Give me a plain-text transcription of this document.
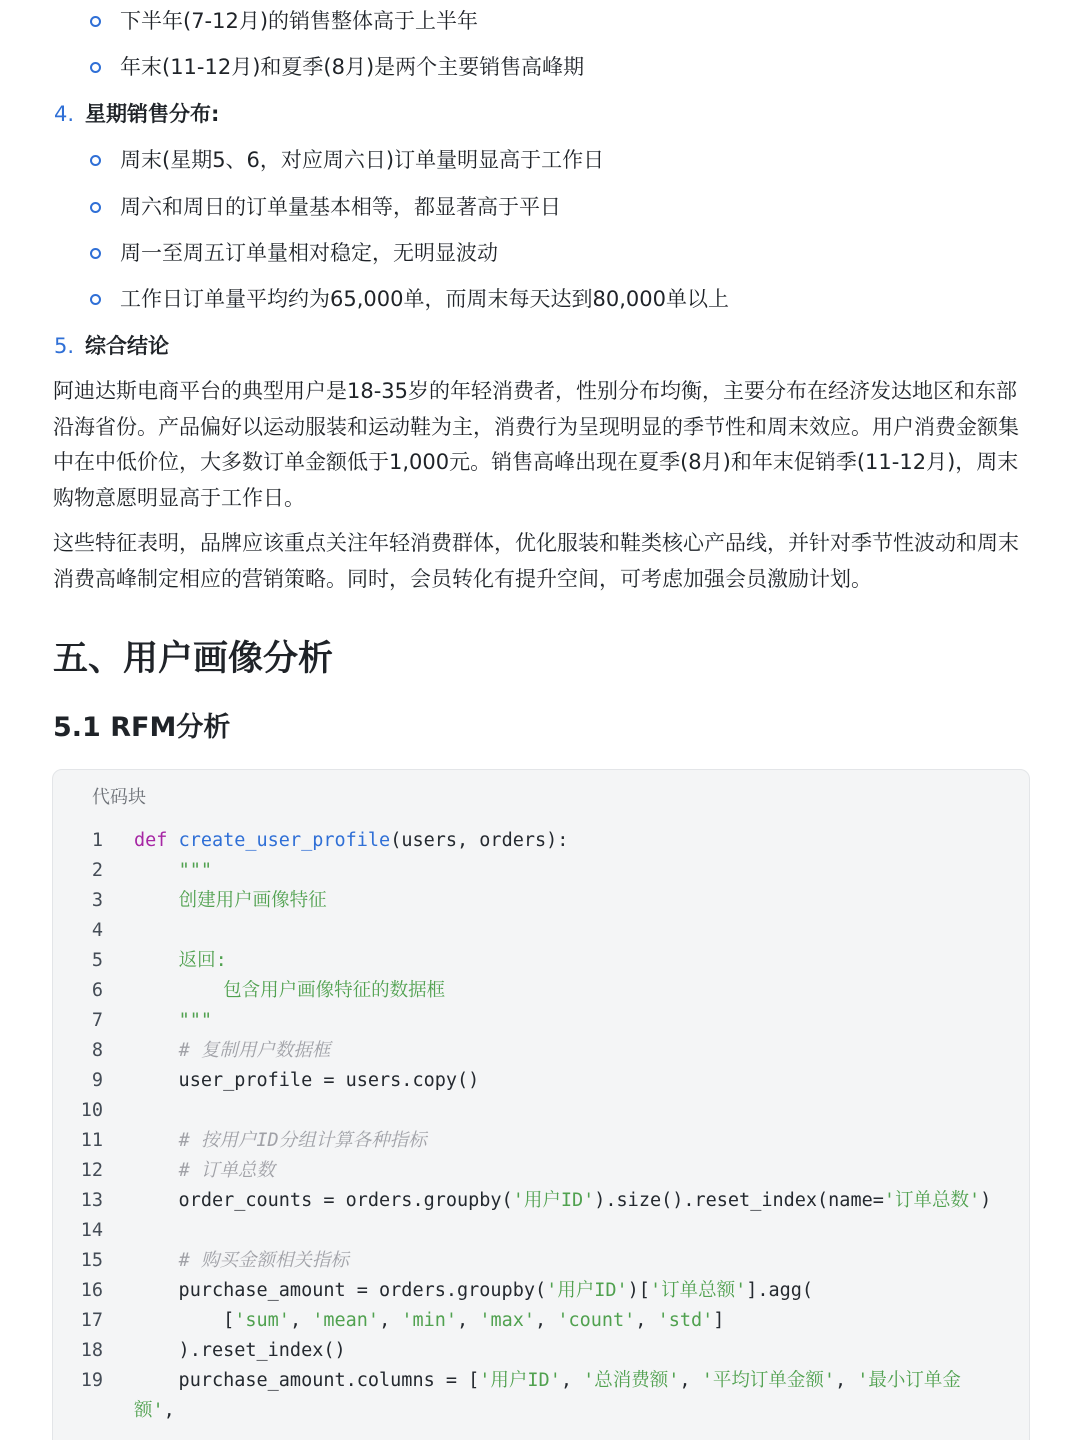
下半年(7-12月)的销售整体高于上半年
年末(11-12月)和夏季(8月)是两个主要销售高峰期
4. 星期销售分布:
周末(星期5、6，对应周六日)订单量明显高于工作日
周六和周日的订单量基本相等，都显著高于平日
周一至周五订单量相对稳定，无明显波动
工作日订单量平均约为65,000单，而周末每天达到80,000单以上
5. 综合结论

阿迪达斯电商平台的典型用户是18-35岁的年轻消费者，性别分布均衡，主要分布在经济发达地区和东部沿海省份。产品偏好以运动服装和运动鞋为主，消费行为呈现明显的季节性和周末效应。用户消费金额集中在中低价位，大多数订单金额低于1,000元。销售高峰出现在夏季(8月)和年末促销季(11-12月)，周末购物意愿明显高于工作日。

这些特征表明，品牌应该重点关注年轻消费群体，优化服装和鞋类核心产品线，并针对季节性波动和周末消费高峰制定相应的营销策略。同时，会员转化有提升空间，可考虑加强会员激励计划。

五、用户画像分析
5.1 RFM分析
代码块
1 def create_user_profile(users, orders):
2	"""
3	创建用户画像特征
4
5	返回:
6	包含用户画像特征的数据框
7	"""
8	# 复制用户数据框
9 user_profile = users.copy()
10
11	# 按用户ID分组计算各种指标
12	# 订单总数
13 order_counts = orders.groupby('用户ID').size().reset_index(name='订单总数')
14
15	# 购买金额相关指标
16 purchase_amount = orders.groupby('用户ID')['订单总额'].agg(
17 ['sum', 'mean', 'min', 'max', 'count', 'std']
18 ).reset_index()
19 purchase_amount.columns = ['用户ID', '总消费额', '平均订单金额', '最小订单金
额',
